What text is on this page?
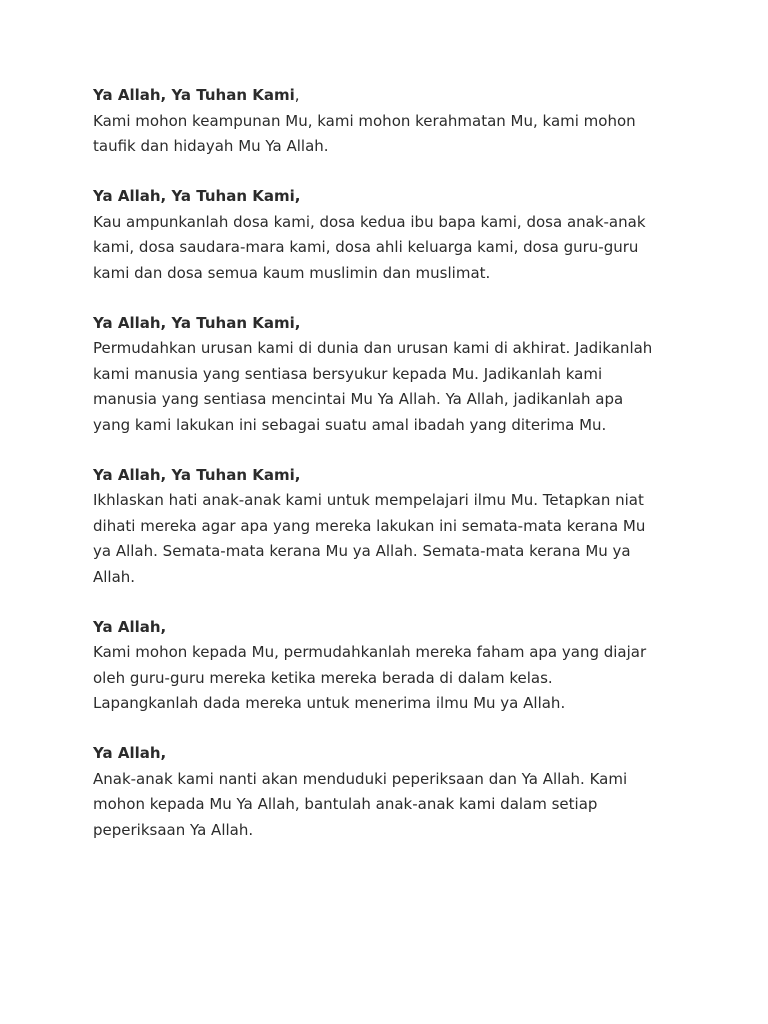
Ya Allah, Ya Tuhan Kami,
Kami mohon keampunan Mu, kami mohon kerahmatan Mu, kami mohon
taufik dan hidayah Mu Ya Allah.
Ya Allah, Ya Tuhan Kami,
Kau ampunkanlah dosa kami, dosa kedua ibu bapa kami, dosa anak-anak
kami, dosa saudara-mara kami, dosa ahli keluarga kami, dosa guru-guru
kami dan dosa semua kaum muslimin dan muslimat.
Ya Allah, Ya Tuhan Kami,
Permudahkan urusan kami di dunia dan urusan kami di akhirat. Jadikanlah
kami manusia yang sentiasa bersyukur kepada Mu. Jadikanlah kami
manusia yang sentiasa mencintai Mu Ya Allah. Ya Allah, jadikanlah apa
yang kami lakukan ini sebagai suatu amal ibadah yang diterima Mu.
Ya Allah, Ya Tuhan Kami,
Ikhlaskan hati anak-anak kami untuk mempelajari ilmu Mu. Tetapkan niat
dihati mereka agar apa yang mereka lakukan ini semata-mata kerana Mu
ya Allah. Semata-mata kerana Mu ya Allah. Semata-mata kerana Mu ya
Allah.
Ya Allah,
Kami mohon kepada Mu, permudahkanlah mereka faham apa yang diajar
oleh guru-guru mereka ketika mereka berada di dalam kelas.
Lapangkanlah dada mereka untuk menerima ilmu Mu ya Allah.
Ya Allah,
Anak-anak kami nanti akan menduduki peperiksaan dan Ya Allah. Kami
mohon kepada Mu Ya Allah, bantulah anak-anak kami dalam setiap
peperiksaan Ya Allah.
